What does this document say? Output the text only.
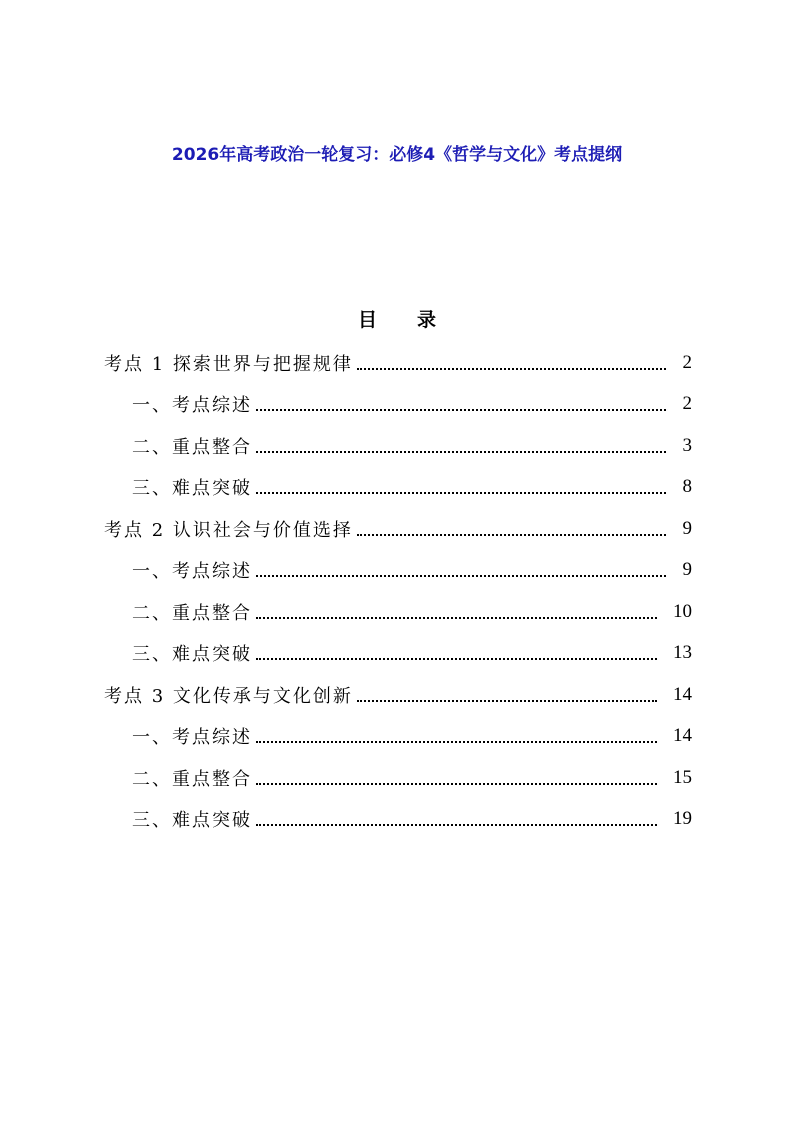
2026年高考政治一轮复习：必修4《哲学与文化》考点提纲
目 录
考点 1 探索世界与把握规律	2
一、考点综述	2
二、重点整合	3
三、难点突破	8
考点 2 认识社会与价值选择	9
一、考点综述	9
二、重点整合	10
三、难点突破	13
考点 3 文化传承与文化创新	14
一、考点综述	14
二、重点整合	15
三、难点突破	19
